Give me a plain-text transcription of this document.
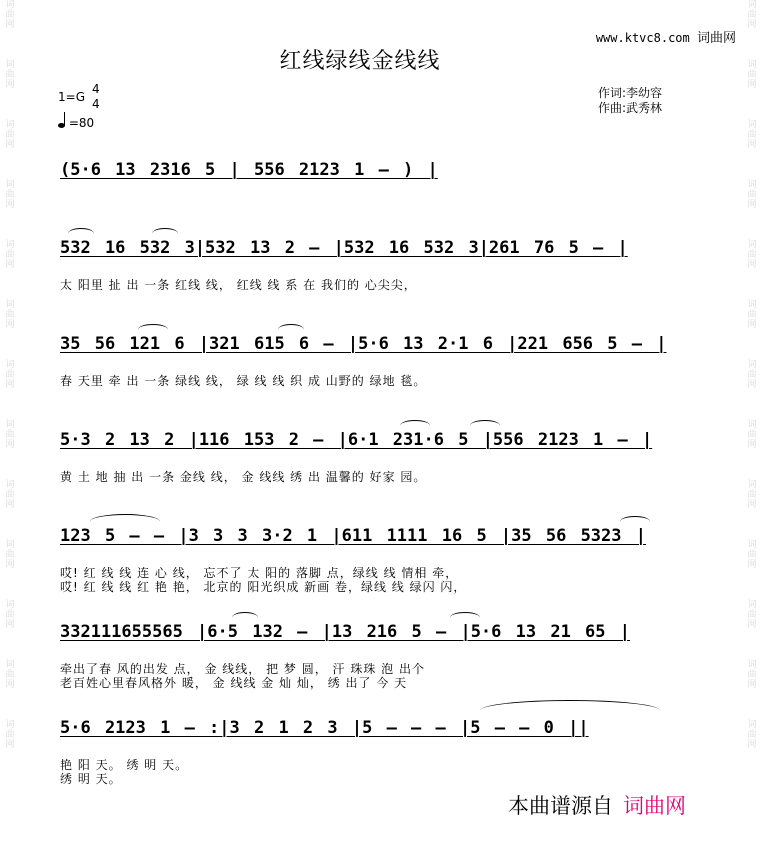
词
曲
网
词
曲
网
词
曲
网
词
曲
网
词
曲
网
词
曲
网
词
曲
网
词
曲
网
词
曲
网
词
曲
网
词
曲
网
词
曲
网
词
曲
网
词
曲
网
词
曲
网
词
曲
网
词
曲
网
词
曲
网
词
曲
网
词
曲
网
词
曲
网
词
曲
网
词
曲
网
词
曲
网
词
曲
网
词
曲
网
www.ktvc8.com 词曲网
红线绿线金线线
1=G
4
4
=80
作词:李幼容
作曲:武秀林
(5·6 13 2316 5 | 556 2123 1 – ) |
532 16 532 3|532 13 2 – |532 16 532 3|261 76 5 – |
太 阳里 扯 出 一条 红线 线， 红线 线 系 在 我们的 心尖尖，
35 56 121 6 |321 615 6 – |5·6 13 2·1 6 |221 656 5 – |
春 天里 牵 出 一条 绿线 线， 绿 线 线 织 成 山野的 绿地 毯。
5·3 2 13 2 |116 153 2 – |6·1 231·6 5 |556 2123 1 – |
黄 土 地 抽 出 一条 金线 线， 金 线线 绣 出 温馨的 好家 园。
123 5 – – |3 3 3 3·2 1 |611 1111 16 5 |35 56 5323 |
哎! 红 线 线 连 心 线， 忘不了 太 阳的 落脚 点，绿线 线 情相 牵，
哎! 红 线 线 红 艳 艳， 北京的 阳光织成 新画 卷，绿线 线 绿闪 闪，
332111655565 |6·5 132 – |13 216 5 – |5·6 13 21 65 |
牵出了春 风的出发 点， 金 线线， 把 梦 圆， 汗 珠珠 泡 出个
老百姓心里春风格外 暖， 金 线线 金 灿 灿， 绣 出了 今 天
5·6 2123 1 – :|3 2 1 2 3 |5 – – – |5 – – 0 ||
艳 阳 天。 绣 明 天。
绣 明 天。
本曲谱源自 词曲网
